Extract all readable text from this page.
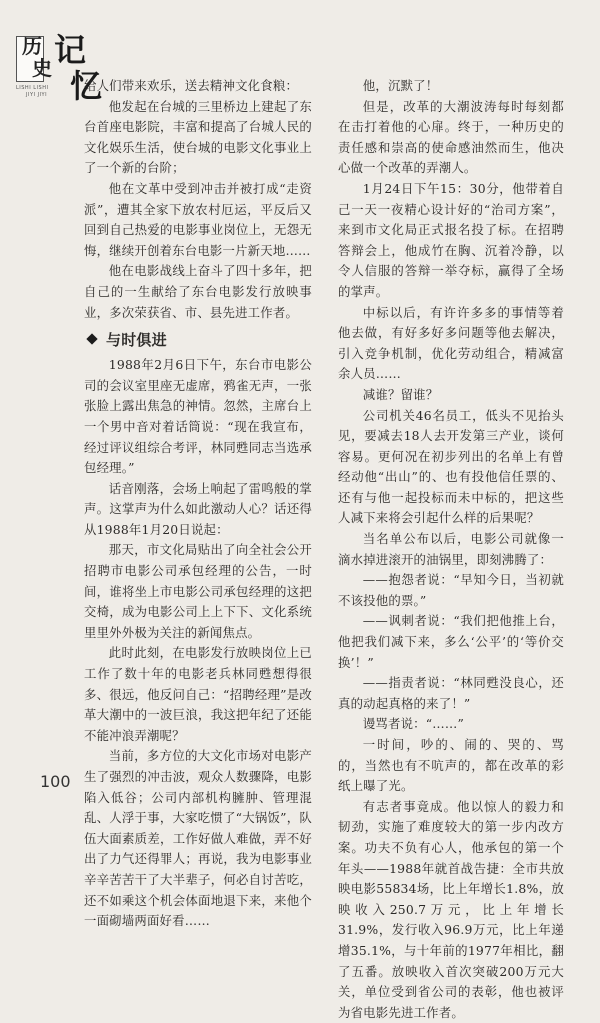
历
史 记
忆
LISHI LISHI
JIYI JIYI

给人们带来欢乐，送去精神文化食粮：

他发起在台城的三里桥边上建起了东台首座电影院，丰富和提高了台城人民的文化娱乐生活，使台城的电影文化事业上了一个新的台阶；

他在文革中受到冲击并被打成“走资派”，遭其全家下放农村厄运，平反后又回到自己热爱的电影事业岗位上，无怨无悔，继续开创着东台电影一片新天地……

他在电影战线上奋斗了四十多年，把自己的一生献给了东台电影发行放映事业，多次荣获省、市、县先进工作者。

与时俱进

1988年2月6日下午，东台市电影公司的会议室里座无虚席，鸦雀无声，一张张脸上露出焦急的神情。忽然，主席台上一个男中音对着话筒说：“现在我宣布，经过评议组综合考评，林同甦同志当选承包经理。”

话音刚落，会场上响起了雷鸣般的掌声。这掌声为什么如此激动人心？话还得从1988年1月20日说起：

那天，市文化局贴出了向全社会公开招聘市电影公司承包经理的公告，一时间，谁将坐上市电影公司承包经理的这把交椅，成为电影公司上上下下、文化系统里里外外极为关注的新闻焦点。

此时此刻，在电影发行放映岗位上已工作了数十年的电影老兵林同甦想得很多、很远，他反问自己：“招聘经理”是改革大潮中的一波巨浪，我这把年纪了还能不能冲浪弄潮呢？

当前，多方位的大文化市场对电影产生了强烈的冲击波，观众人数骤降，电影陷入低谷；公司内部机构臃肿、管理混乱、人浮于事，大家吃惯了“大锅饭”，队伍大面素质差，工作好做人难做，弄不好出了力气还得罪人；再说，我为电影事业辛辛苦苦干了大半辈子，何必自讨苦吃，还不如乘这个机会体面地退下来，来他个一面砌墙两面好看……

他，沉默了！

但是，改革的大潮波涛每时每刻都在击打着他的心扉。终于，一种历史的责任感和崇高的使命感油然而生，他决心做一个改革的弄潮人。

1月24日下午15：30分，他带着自己一天一夜精心设计好的“治司方案”，来到市文化局正式报名投了标。在招聘答辩会上，他成竹在胸、沉着冷静，以令人信服的答辩一举夺标，赢得了全场的掌声。

中标以后，有许许多多的事情等着他去做，有好多好多问题等他去解决，引入竞争机制，优化劳动组合，精减富余人员……

减谁？留谁？

公司机关46名员工，低头不见抬头见，要减去18人去开发第三产业，谈何容易。更何况在初步列出的名单上有曾经动他“出山”的、也有投他信任票的、还有与他一起投标而未中标的，把这些人减下来将会引起什么样的后果呢？

当名单公布以后，电影公司就像一滴水掉进滚开的油锅里，即刻沸腾了：

——抱怨者说：“早知今日，当初就不该投他的票。”

——讽刺者说：“我们把他推上台，他把我们减下来，多么‘公平’的‘等价交换’！”

——指责者说：“林同甦没良心，还真的动起真格的来了！”

谩骂者说：“……”

一时间，吵的、闹的、哭的、骂的，当然也有不吭声的，都在改革的彩纸上曝了光。

有志者事竟成。他以惊人的毅力和韧劲，实施了难度较大的第一步内改方案。功夫不负有心人，他承包的第一个年头——1988年就首战告捷：全市共放映电影55834场，比上年增长1.8%，放映收入250.7万元，比上年增长31.9%，发行收入96.9万元，比上年递增35.1%，与十年前的1977年相比，翻了五番。放映收入首次突破200万元大关，单位受到省公司的表彰，他也被评为省电影先进工作者。

100
